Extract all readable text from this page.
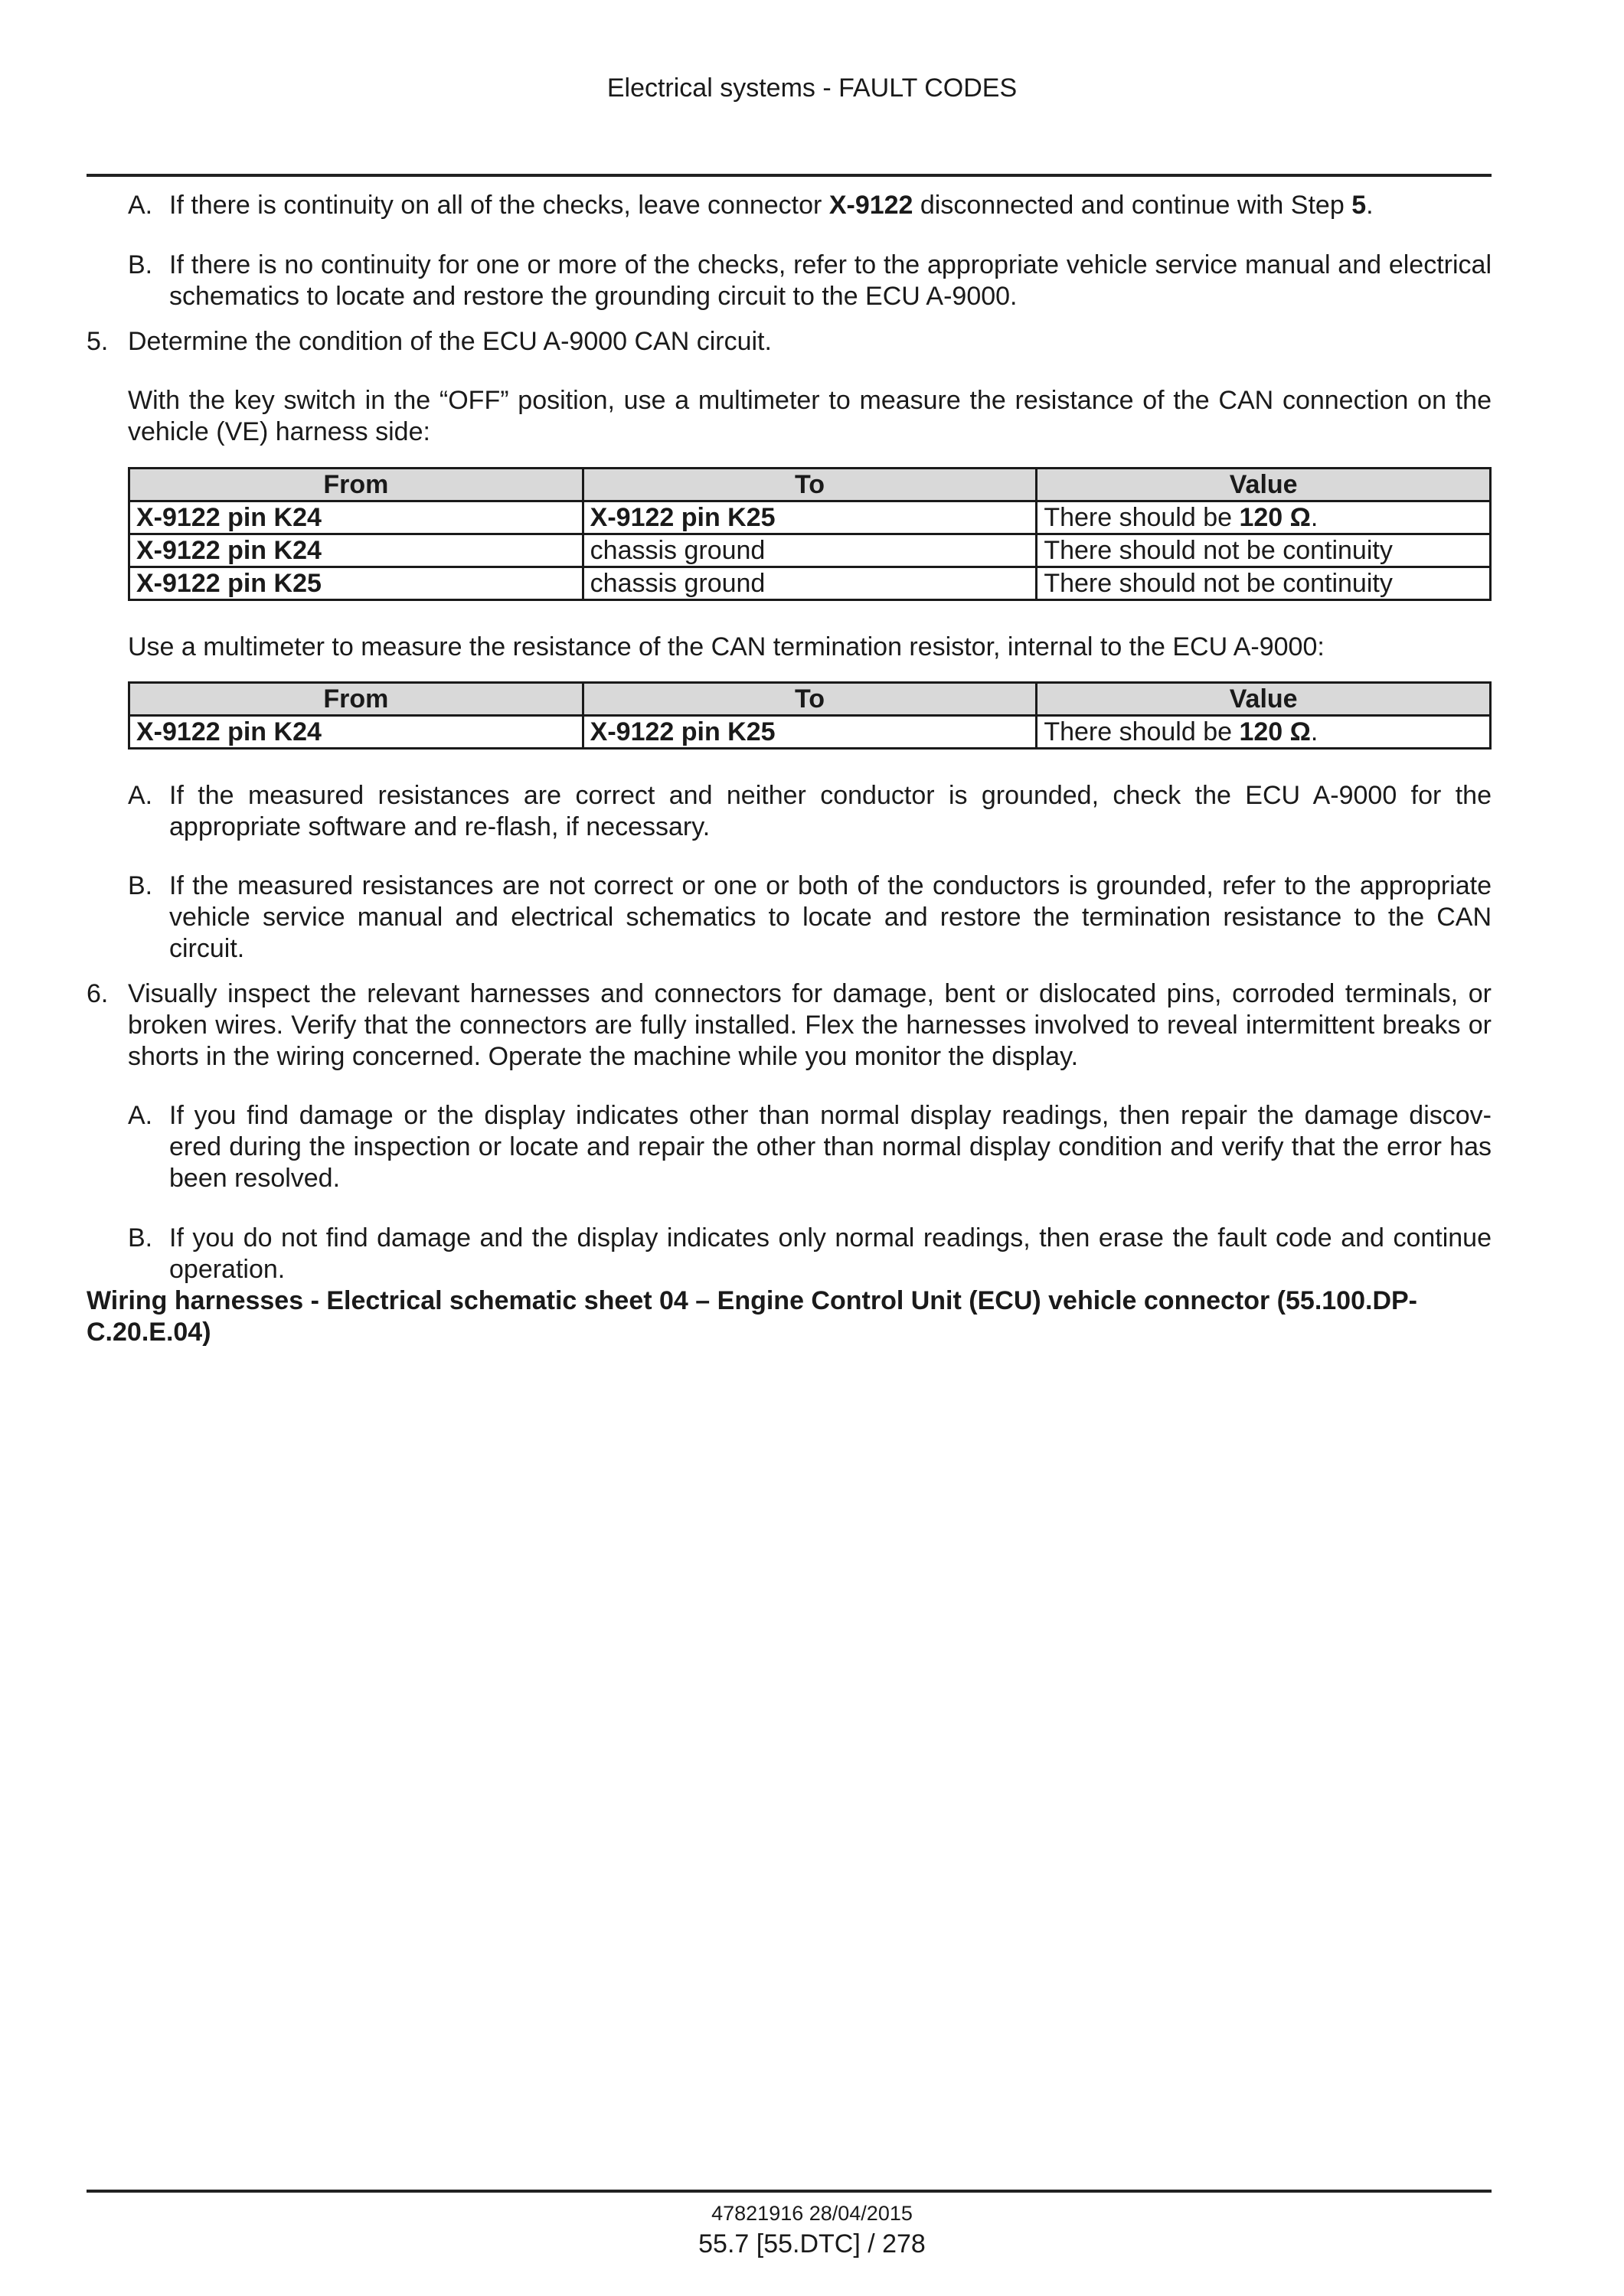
Electrical systems - FAULT CODES
A. If there is continuity on all of the checks, leave connector X-9122 disconnected and continue with Step 5.
B. If there is no continuity for one or more of the checks, refer to the appropriate vehicle service manual and electrical schematics to locate and restore the grounding circuit to the ECU A-9000.
5. Determine the condition of the ECU A-9000 CAN circuit.
With the key switch in the “OFF” position, use a multimeter to measure the resistance of the CAN connection on the vehicle (VE) harness side:
From	To	Value
X-9122 pin K24	X-9122 pin K25	There should be 120 Ω.
X-9122 pin K24	chassis ground	There should not be continuity
X-9122 pin K25	chassis ground	There should not be continuity
Use a multimeter to measure the resistance of the CAN termination resistor, internal to the ECU A-9000:
From	To	Value
X-9122 pin K24	X-9122 pin K25	There should be 120 Ω.
A. If the measured resistances are correct and neither conductor is grounded, check the ECU A-9000 for the appropriate software and re-flash, if necessary.
B. If the measured resistances are not correct or one or both of the conductors is grounded, refer to the appropriate vehicle service manual and electrical schematics to locate and restore the termination resistance to the CAN circuit.
6. Visually inspect the relevant harnesses and connectors for damage, bent or dislocated pins, corroded terminals, or broken wires. Verify that the connectors are fully installed. Flex the harnesses involved to reveal intermittent breaks or shorts in the wiring concerned. Operate the machine while you monitor the display.
A. If you find damage or the display indicates other than normal display readings, then repair the damage discov- ered during the inspection or locate and repair the other than normal display condition and verify that the error has been resolved.
B. If you do not find damage and the display indicates only normal readings, then erase the fault code and continue operation.
Wiring harnesses - Electrical schematic sheet 04 – Engine Control Unit (ECU) vehicle connector (55.100.DP-C.20.E.04)
47821916 28/04/2015
55.7 [55.DTC] / 278
